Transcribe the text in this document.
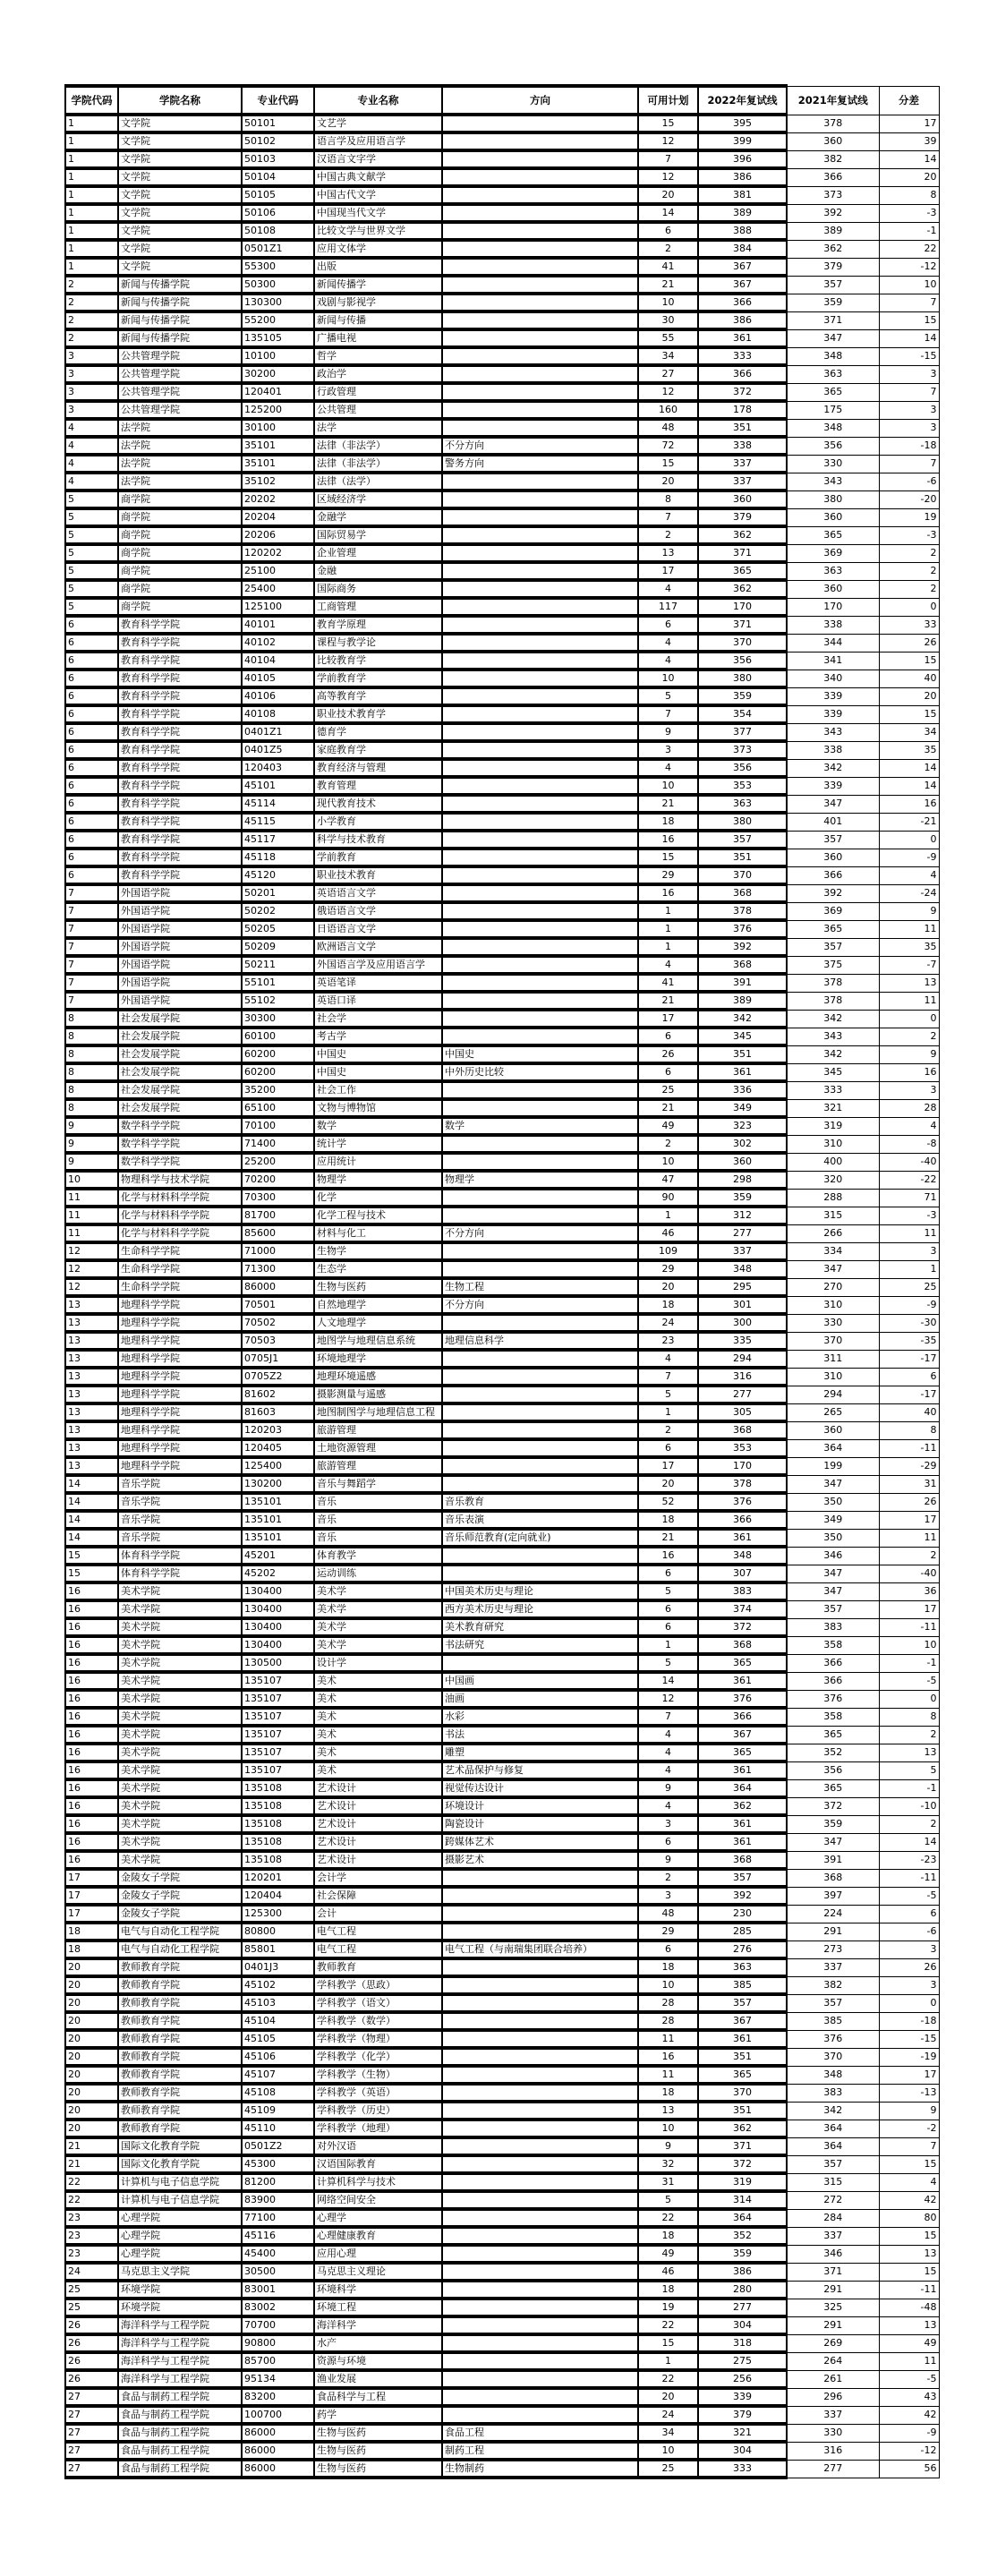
学院代码	学院名称	专业代码	专业名称	方向	可用计划	2022年复试线	2021年复试线	分差
1	文学院	50101	文艺学		15	395	378	17
1	文学院	50102	语言学及应用语言学		12	399	360	39
1	文学院	50103	汉语言文字学		7	396	382	14
1	文学院	50104	中国古典文献学		12	386	366	20
1	文学院	50105	中国古代文学		20	381	373	8
1	文学院	50106	中国现当代文学		14	389	392	-3
1	文学院	50108	比较文学与世界文学		6	388	389	-1
1	文学院	0501Z1	应用文体学		2	384	362	22
1	文学院	55300	出版		41	367	379	-12
2	新闻与传播学院	50300	新闻传播学		21	367	357	10
2	新闻与传播学院	130300	戏剧与影视学		10	366	359	7
2	新闻与传播学院	55200	新闻与传播		30	386	371	15
2	新闻与传播学院	135105	广播电视		55	361	347	14
3	公共管理学院	10100	哲学		34	333	348	-15
3	公共管理学院	30200	政治学		27	366	363	3
3	公共管理学院	120401	行政管理		12	372	365	7
3	公共管理学院	125200	公共管理		160	178	175	3
4	法学院	30100	法学		48	351	348	3
4	法学院	35101	法律（非法学）	不分方向	72	338	356	-18
4	法学院	35101	法律（非法学）	警务方向	15	337	330	7
4	法学院	35102	法律（法学）		20	337	343	-6
5	商学院	20202	区域经济学		8	360	380	-20
5	商学院	20204	金融学		7	379	360	19
5	商学院	20206	国际贸易学		2	362	365	-3
5	商学院	120202	企业管理		13	371	369	2
5	商学院	25100	金融		17	365	363	2
5	商学院	25400	国际商务		4	362	360	2
5	商学院	125100	工商管理		117	170	170	0
6	教育科学学院	40101	教育学原理		6	371	338	33
6	教育科学学院	40102	课程与教学论		4	370	344	26
6	教育科学学院	40104	比较教育学		4	356	341	15
6	教育科学学院	40105	学前教育学		10	380	340	40
6	教育科学学院	40106	高等教育学		5	359	339	20
6	教育科学学院	40108	职业技术教育学		7	354	339	15
6	教育科学学院	0401Z1	德育学		9	377	343	34
6	教育科学学院	0401Z5	家庭教育学		3	373	338	35
6	教育科学学院	120403	教育经济与管理		4	356	342	14
6	教育科学学院	45101	教育管理		10	353	339	14
6	教育科学学院	45114	现代教育技术		21	363	347	16
6	教育科学学院	45115	小学教育		18	380	401	-21
6	教育科学学院	45117	科学与技术教育		16	357	357	0
6	教育科学学院	45118	学前教育		15	351	360	-9
6	教育科学学院	45120	职业技术教育		29	370	366	4
7	外国语学院	50201	英语语言文学		16	368	392	-24
7	外国语学院	50202	俄语语言文学		1	378	369	9
7	外国语学院	50205	日语语言文学		1	376	365	11
7	外国语学院	50209	欧洲语言文学		1	392	357	35
7	外国语学院	50211	外国语言学及应用语言学		4	368	375	-7
7	外国语学院	55101	英语笔译		41	391	378	13
7	外国语学院	55102	英语口译		21	389	378	11
8	社会发展学院	30300	社会学		17	342	342	0
8	社会发展学院	60100	考古学		6	345	343	2
8	社会发展学院	60200	中国史	中国史	26	351	342	9
8	社会发展学院	60200	中国史	中外历史比较	6	361	345	16
8	社会发展学院	35200	社会工作		25	336	333	3
8	社会发展学院	65100	文物与博物馆		21	349	321	28
9	数学科学学院	70100	数学	数学	49	323	319	4
9	数学科学学院	71400	统计学		2	302	310	-8
9	数学科学学院	25200	应用统计		10	360	400	-40
10	物理科学与技术学院	70200	物理学	物理学	47	298	320	-22
11	化学与材料科学学院	70300	化学		90	359	288	71
11	化学与材料科学学院	81700	化学工程与技术		1	312	315	-3
11	化学与材料科学学院	85600	材料与化工	不分方向	46	277	266	11
12	生命科学学院	71000	生物学		109	337	334	3
12	生命科学学院	71300	生态学		29	348	347	1
12	生命科学学院	86000	生物与医药	生物工程	20	295	270	25
13	地理科学学院	70501	自然地理学	不分方向	18	301	310	-9
13	地理科学学院	70502	人文地理学		24	300	330	-30
13	地理科学学院	70503	地图学与地理信息系统	地理信息科学	23	335	370	-35
13	地理科学学院	0705J1	环境地理学		4	294	311	-17
13	地理科学学院	0705Z2	地理环境遥感		7	316	310	6
13	地理科学学院	81602	摄影测量与遥感		5	277	294	-17
13	地理科学学院	81603	地图制图学与地理信息工程		1	305	265	40
13	地理科学学院	120203	旅游管理		2	368	360	8
13	地理科学学院	120405	土地资源管理		6	353	364	-11
13	地理科学学院	125400	旅游管理		17	170	199	-29
14	音乐学院	130200	音乐与舞蹈学		20	378	347	31
14	音乐学院	135101	音乐	音乐教育	52	376	350	26
14	音乐学院	135101	音乐	音乐表演	18	366	349	17
14	音乐学院	135101	音乐	音乐师范教育(定向就业)	21	361	350	11
15	体育科学学院	45201	体育教学		16	348	346	2
15	体育科学学院	45202	运动训练		6	307	347	-40
16	美术学院	130400	美术学	中国美术历史与理论	5	383	347	36
16	美术学院	130400	美术学	西方美术历史与理论	6	374	357	17
16	美术学院	130400	美术学	美术教育研究	6	372	383	-11
16	美术学院	130400	美术学	书法研究	1	368	358	10
16	美术学院	130500	设计学		5	365	366	-1
16	美术学院	135107	美术	中国画	14	361	366	-5
16	美术学院	135107	美术	油画	12	376	376	0
16	美术学院	135107	美术	水彩	7	366	358	8
16	美术学院	135107	美术	书法	4	367	365	2
16	美术学院	135107	美术	雕塑	4	365	352	13
16	美术学院	135107	美术	艺术品保护与修复	4	361	356	5
16	美术学院	135108	艺术设计	视觉传达设计	9	364	365	-1
16	美术学院	135108	艺术设计	环境设计	4	362	372	-10
16	美术学院	135108	艺术设计	陶瓷设计	3	361	359	2
16	美术学院	135108	艺术设计	跨媒体艺术	6	361	347	14
16	美术学院	135108	艺术设计	摄影艺术	9	368	391	-23
17	金陵女子学院	120201	会计学		2	357	368	-11
17	金陵女子学院	120404	社会保障		3	392	397	-5
17	金陵女子学院	125300	会计		48	230	224	6
18	电气与自动化工程学院	80800	电气工程		29	285	291	-6
18	电气与自动化工程学院	85801	电气工程	电气工程（与南瑞集团联合培养）	6	276	273	3
20	教师教育学院	0401J3	教师教育		18	363	337	26
20	教师教育学院	45102	学科教学（思政）		10	385	382	3
20	教师教育学院	45103	学科教学（语文）		28	357	357	0
20	教师教育学院	45104	学科教学（数学）		28	367	385	-18
20	教师教育学院	45105	学科教学（物理）		11	361	376	-15
20	教师教育学院	45106	学科教学（化学）		16	351	370	-19
20	教师教育学院	45107	学科教学（生物）		11	365	348	17
20	教师教育学院	45108	学科教学（英语）		18	370	383	-13
20	教师教育学院	45109	学科教学（历史）		13	351	342	9
20	教师教育学院	45110	学科教学（地理）		10	362	364	-2
21	国际文化教育学院	0501Z2	对外汉语		9	371	364	7
21	国际文化教育学院	45300	汉语国际教育		32	372	357	15
22	计算机与电子信息学院	81200	计算机科学与技术		31	319	315	4
22	计算机与电子信息学院	83900	网络空间安全		5	314	272	42
23	心理学院	77100	心理学		22	364	284	80
23	心理学院	45116	心理健康教育		18	352	337	15
23	心理学院	45400	应用心理		49	359	346	13
24	马克思主义学院	30500	马克思主义理论		46	386	371	15
25	环境学院	83001	环境科学		18	280	291	-11
25	环境学院	83002	环境工程		19	277	325	-48
26	海洋科学与工程学院	70700	海洋科学		22	304	291	13
26	海洋科学与工程学院	90800	水产		15	318	269	49
26	海洋科学与工程学院	85700	资源与环境		1	275	264	11
26	海洋科学与工程学院	95134	渔业发展		22	256	261	-5
27	食品与制药工程学院	83200	食品科学与工程		20	339	296	43
27	食品与制药工程学院	100700	药学		24	379	337	42
27	食品与制药工程学院	86000	生物与医药	食品工程	34	321	330	-9
27	食品与制药工程学院	86000	生物与医药	制药工程	10	304	316	-12
27	食品与制药工程学院	86000	生物与医药	生物制药	25	333	277	56
